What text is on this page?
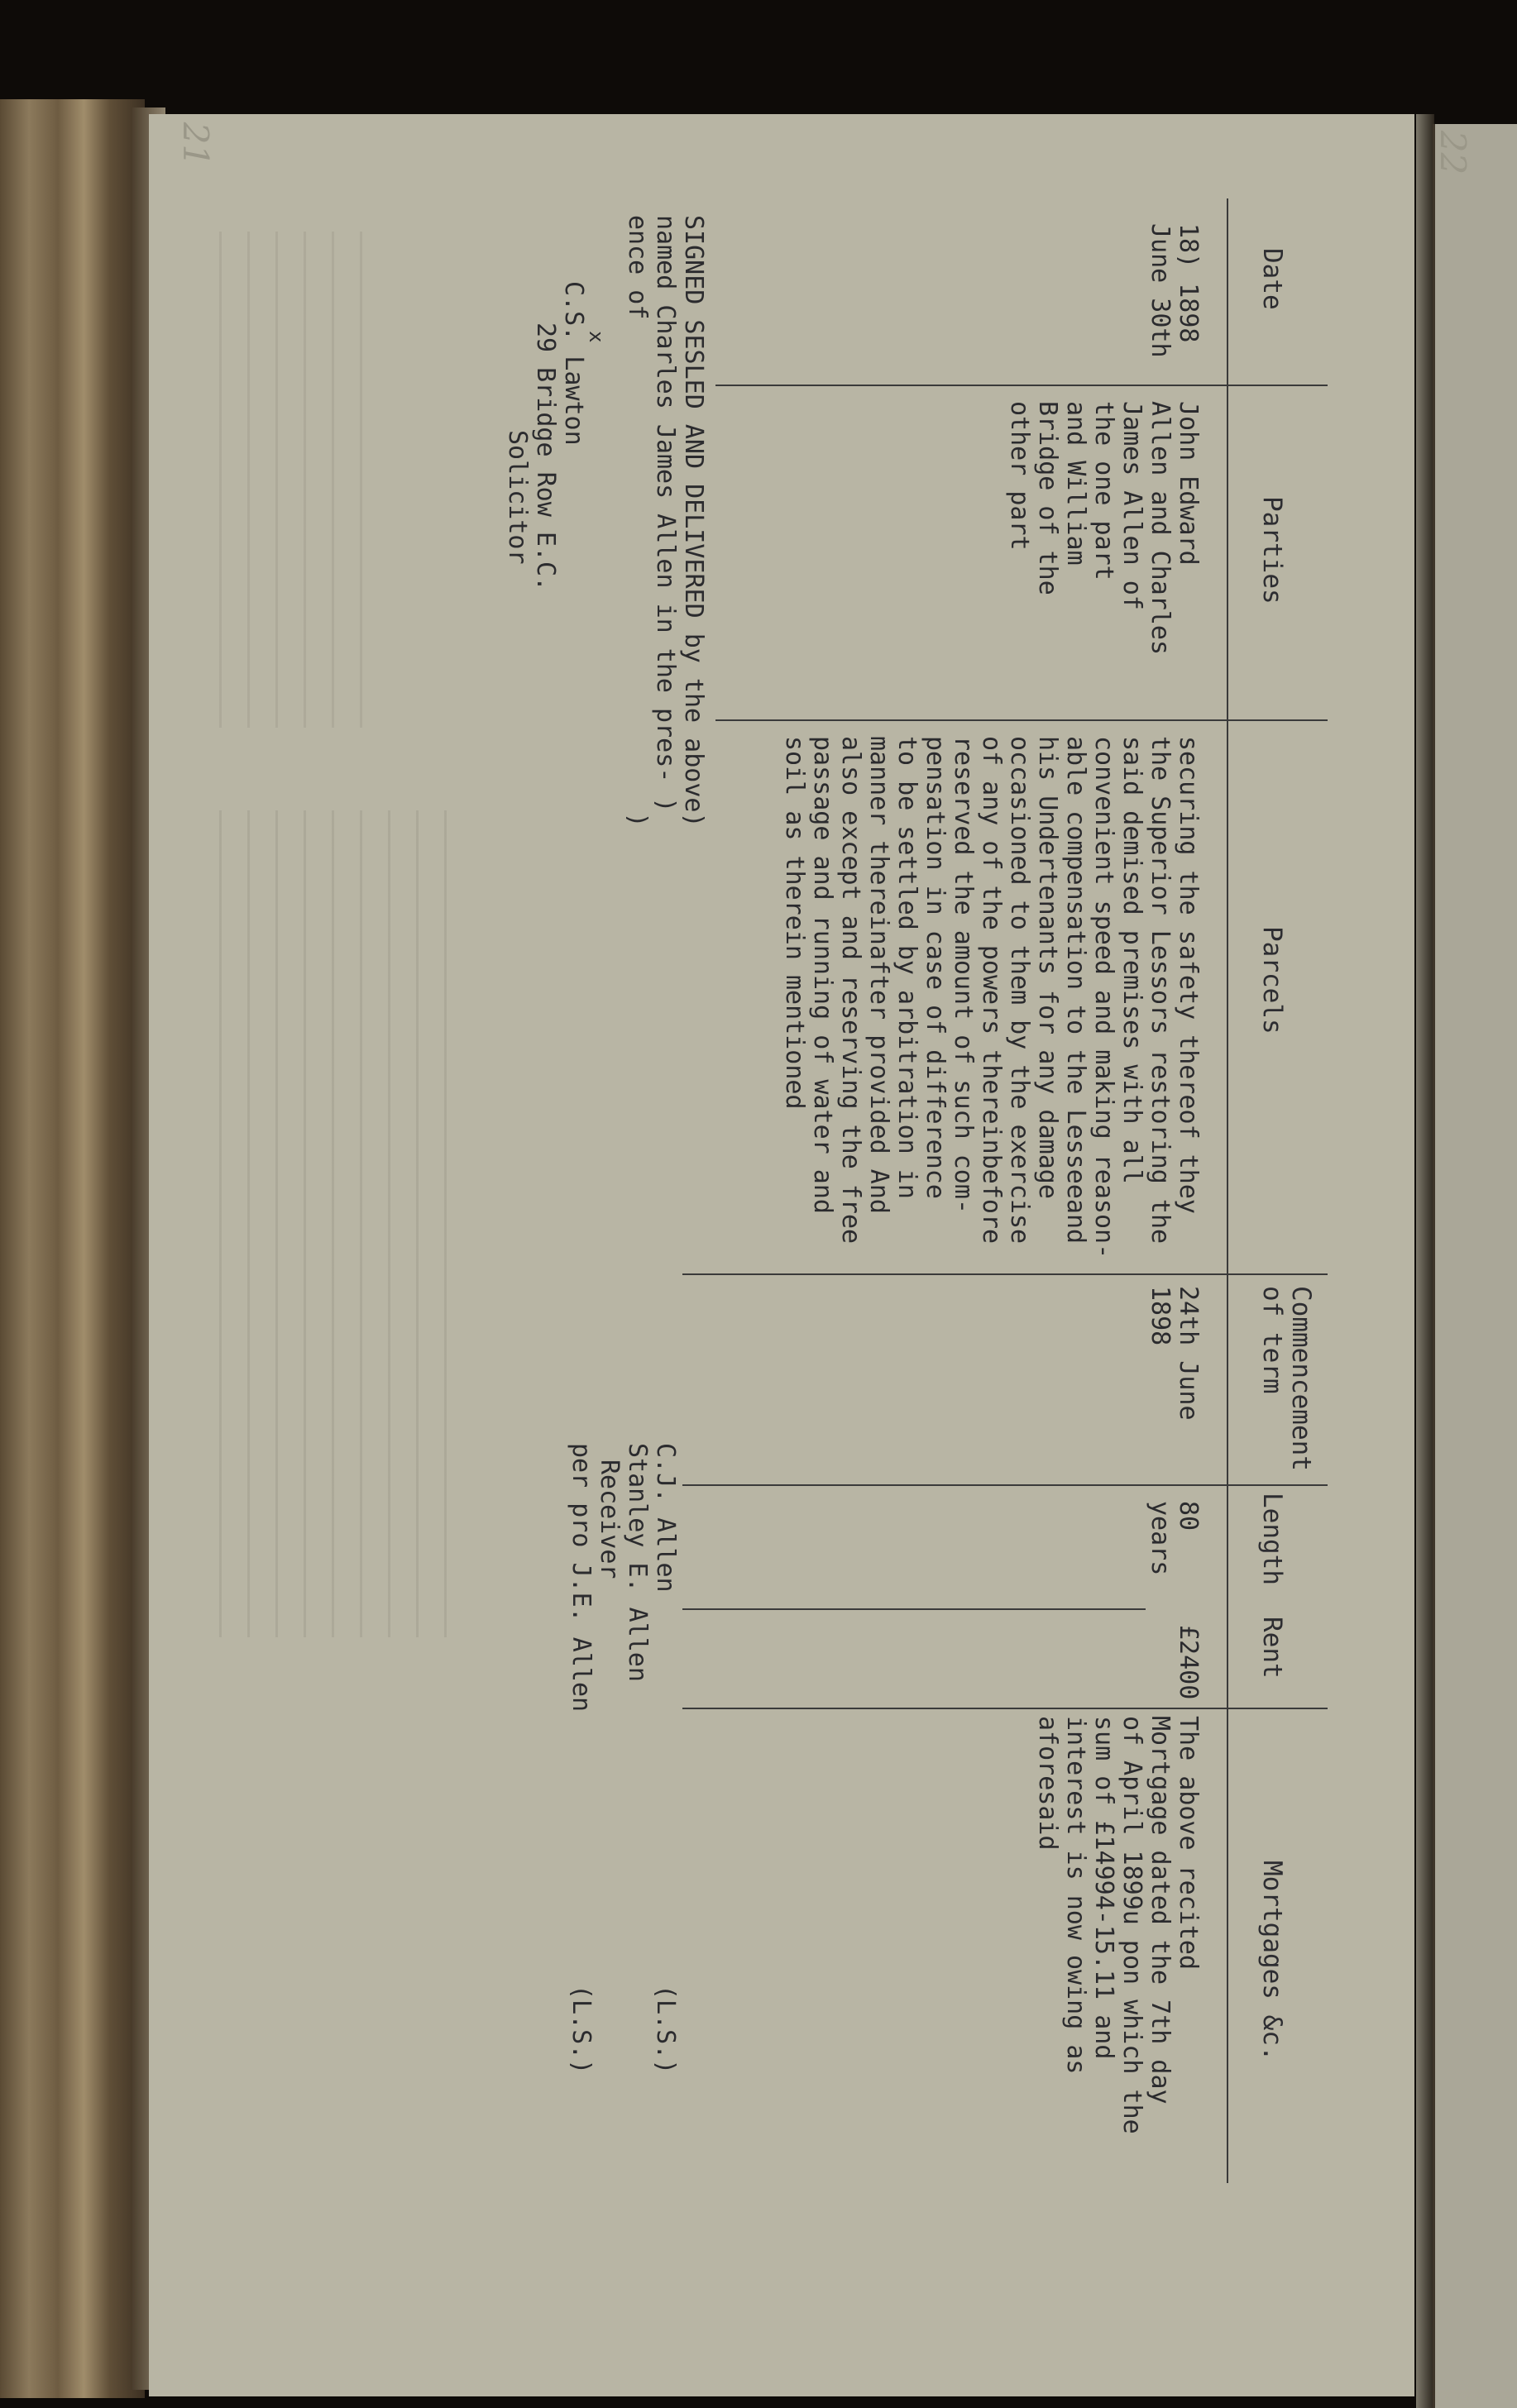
21	22
Date
Parties
Parcels
Commencement
of term
Length
Rent
Mortgages &c.
18) 1898
June 30th
John Edward
Allen and Charles
James Allen of
the one part
and William
Bridge of the
other part
securing the safety thereof they
the Superior Lessors restoring the
said demised premises with all
convenient speed and making reason-
able compensation to the Lesseeand
his Undertenants for any damage
occasioned to them by the exercise
of any of the powers thereinbefore
reserved the amount of such com-
pensation in case of difference
to be settled by arbitration in
manner thereinafter provided And
also except and reserving the free
passage and running of water and
soil as therein mentioned
24th June
1898
80
years
£2400
The above recited
Mortgage dated the 7th day
of April 1899u pon which the
sum of £14994-15.11 and
interest is now owing as
aforesaid
SIGNED SESLED AND DELIVERED by the above)
named Charles James Allen in the pres- )
ence of                                 )
C.S. Lawton
x
29 Bridge Row E.C.
Solicitor
C.J. Allen
Stanley E. Allen
Receiver
per pro J.E. Allen
(L.S.)
(L.S.)
